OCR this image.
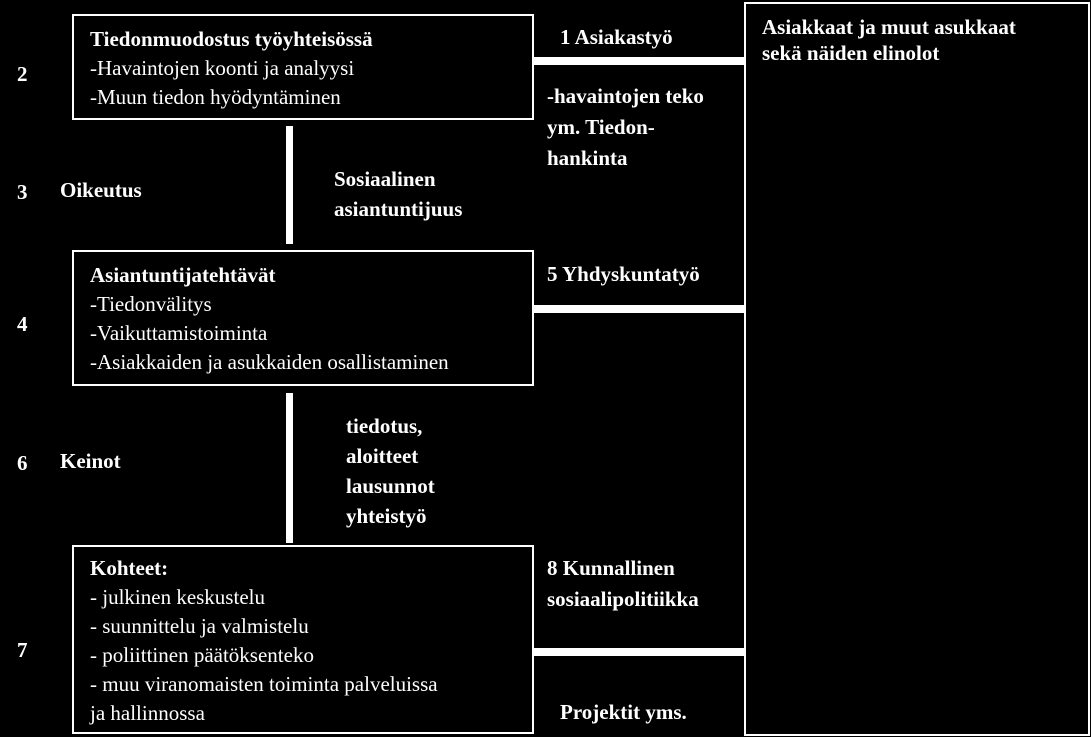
Tiedonmuodostus työyhteisössä
-Havaintojen koonti ja analyysi
-Muun tiedon hyödyntäminen
Asiantuntijatehtävät
-Tiedonvälitys
-Vaikuttamistoiminta
-Asiakkaiden ja asukkaiden osallistaminen
Kohteet:
- julkinen keskustelu
- suunnittelu ja valmistelu
- poliittinen päätöksenteko
- muu viranomaisten toiminta palveluissa
ja hallinnossa
Asiakkaat ja muut asukkaat
sekä näiden elinolot
2
3
4
6
7
Oikeutus
Keinot
Sosiaalinen
asiantuntijuus
tiedotus,
aloitteet
lausunnot
yhteistyö
1 Asiakastyö
-havaintojen teko
ym. Tiedon-
hankinta
5 Yhdyskuntatyö
8 Kunnallinen
sosiaalipolitiikka
Projektit yms.
